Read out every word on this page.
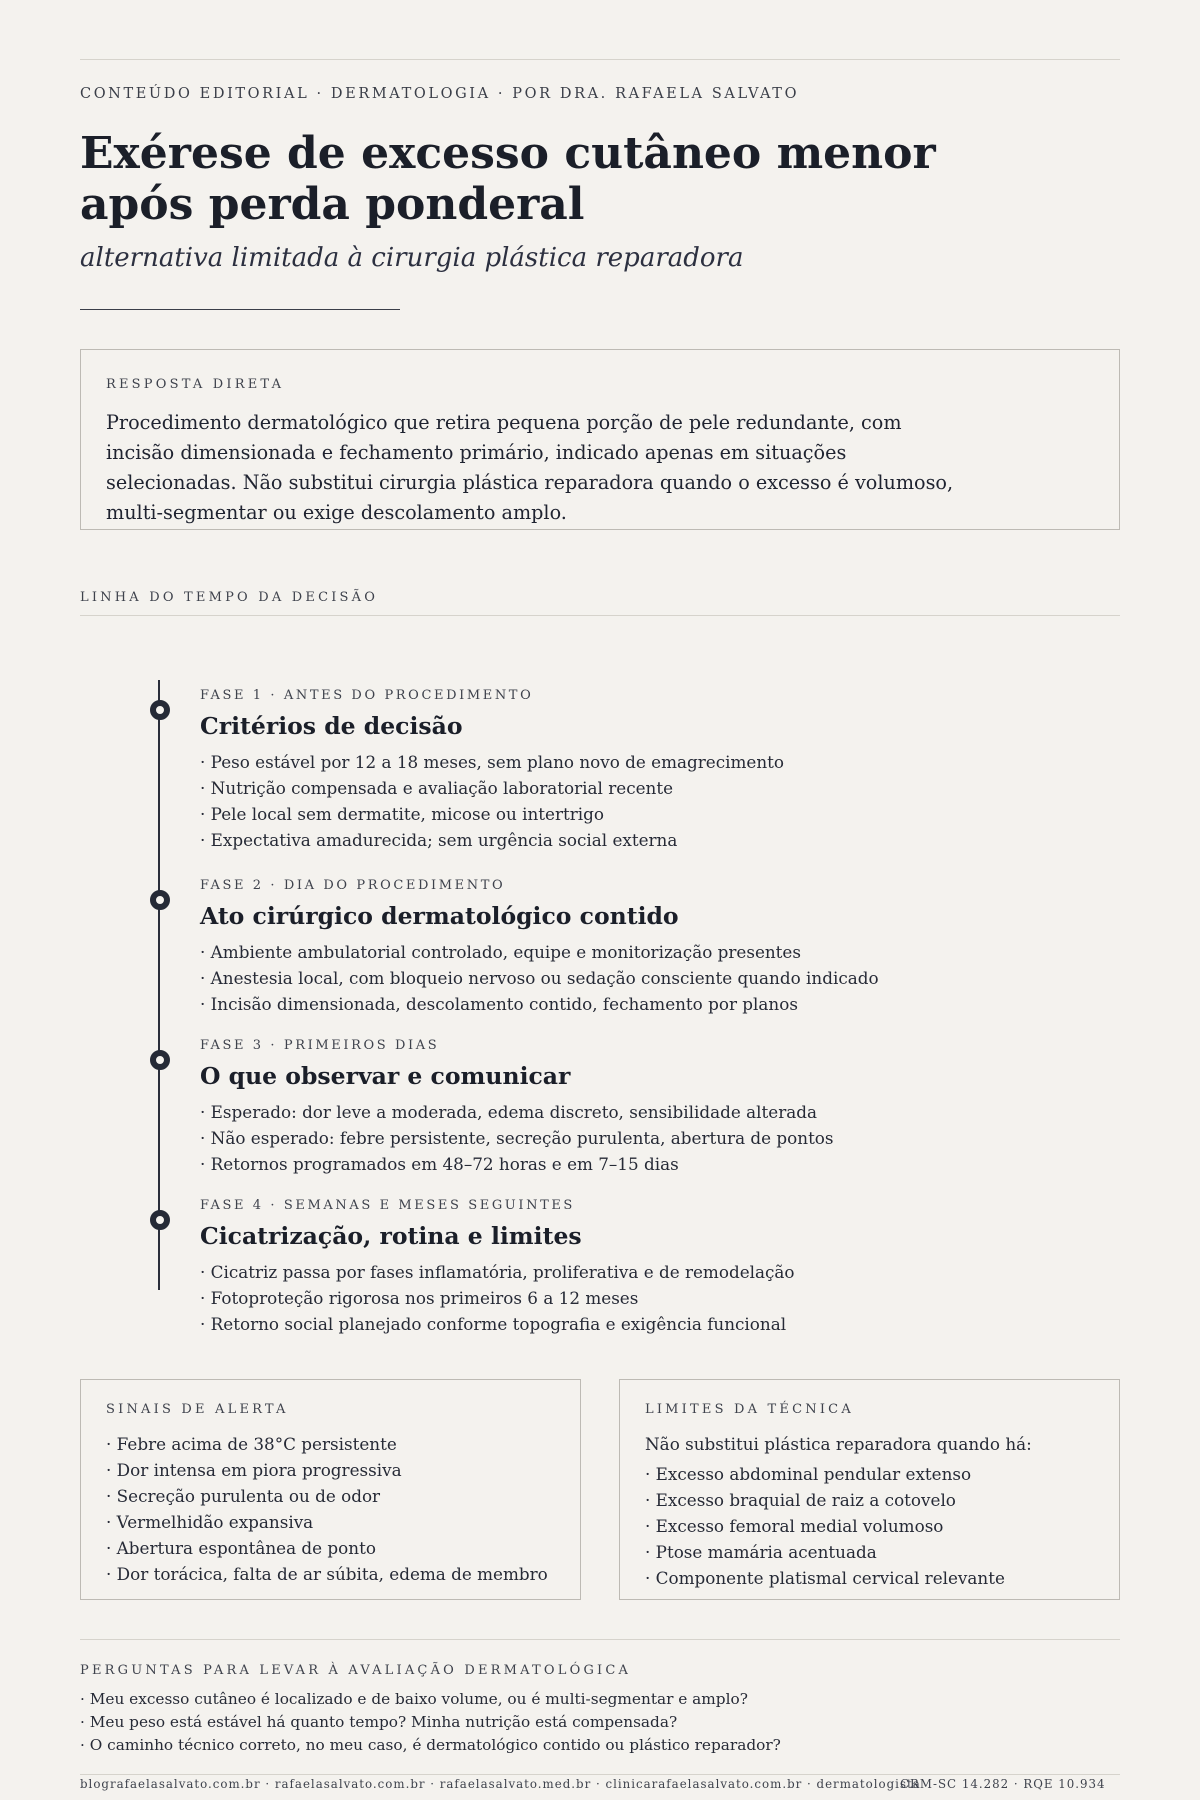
CONTEÚDO EDITORIAL · DERMATOLOGIA · POR DRA. RAFAELA SALVATO
Exérese de excesso cutâneo menor
após perda ponderal
alternativa limitada à cirurgia plástica reparadora
RESPOSTA DIRETA
Procedimento dermatológico que retira pequena porção de pele redundante, com incisão dimensionada e fechamento primário, indicado apenas em situações selecionadas. Não substitui cirurgia plástica reparadora quando o excesso é volumoso, multi-segmentar ou exige descolamento amplo.
LINHA DO TEMPO DA DECISÃO
FASE 1 · ANTES DO PROCEDIMENTO
Critérios de decisão
· Peso estável por 12 a 18 meses, sem plano novo de emagrecimento
· Nutrição compensada e avaliação laboratorial recente
· Pele local sem dermatite, micose ou intertrigo
· Expectativa amadurecida; sem urgência social externa
FASE 2 · DIA DO PROCEDIMENTO
Ato cirúrgico dermatológico contido
· Ambiente ambulatorial controlado, equipe e monitorização presentes
· Anestesia local, com bloqueio nervoso ou sedação consciente quando indicado
· Incisão dimensionada, descolamento contido, fechamento por planos
FASE 3 · PRIMEIROS DIAS
O que observar e comunicar
· Esperado: dor leve a moderada, edema discreto, sensibilidade alterada
· Não esperado: febre persistente, secreção purulenta, abertura de pontos
· Retornos programados em 48–72 horas e em 7–15 dias
FASE 4 · SEMANAS E MESES SEGUINTES
Cicatrização, rotina e limites
· Cicatriz passa por fases inflamatória, proliferativa e de remodelação
· Fotoproteção rigorosa nos primeiros 6 a 12 meses
· Retorno social planejado conforme topografia e exigência funcional
SINAIS DE ALERTA
· Febre acima de 38°C persistente
· Dor intensa em piora progressiva
· Secreção purulenta ou de odor
· Vermelhidão expansiva
· Abertura espontânea de ponto
· Dor torácica, falta de ar súbita, edema de membro
LIMITES DA TÉCNICA
Não substitui plástica reparadora quando há:
· Excesso abdominal pendular extenso
· Excesso braquial de raiz a cotovelo
· Excesso femoral medial volumoso
· Ptose mamária acentuada
· Componente platismal cervical relevante
PERGUNTAS PARA LEVAR À AVALIAÇÃO DERMATOLÓGICA
· Meu excesso cutâneo é localizado e de baixo volume, ou é multi-segmentar e amplo?
· Meu peso está estável há quanto tempo? Minha nutrição está compensada?
· O caminho técnico correto, no meu caso, é dermatológico contido ou plástico reparador?
blografaelasalvato.com.br · rafaelasalvato.com.br · rafaelasalvato.med.br · clinicarafaelasalvato.com.br · dermatologista
CRM-SC 14.282 · RQE 10.934
